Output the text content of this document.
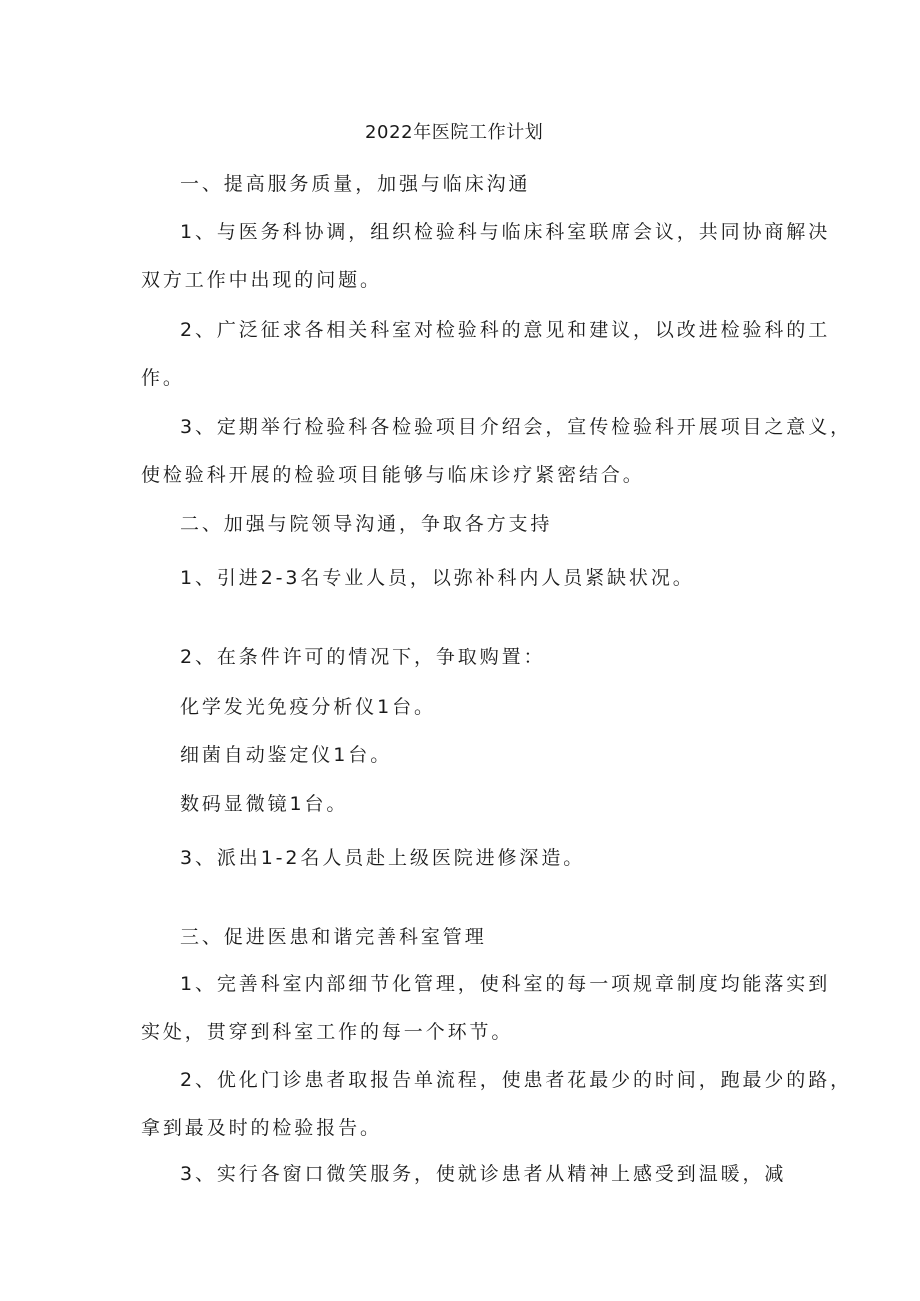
2022年医院工作计划
一、提高服务质量，加强与临床沟通
1、与医务科协调，组织检验科与临床科室联席会议，共同协商解决
双方工作中出现的问题。
2、广泛征求各相关科室对检验科的意见和建议，以改进检验科的工
作。
3、定期举行检验科各检验项目介绍会，宣传检验科开展项目之意义，
使检验科开展的检验项目能够与临床诊疗紧密结合。
二、加强与院领导沟通，争取各方支持
1、引进2-3名专业人员，以弥补科内人员紧缺状况。
2、在条件许可的情况下，争取购置：
化学发光免疫分析仪1台。
细菌自动鉴定仪1台。
数码显微镜1台。
3、派出1-2名人员赴上级医院进修深造。
三、促进医患和谐完善科室管理
1、完善科室内部细节化管理，使科室的每一项规章制度均能落实到
实处，贯穿到科室工作的每一个环节。
2、优化门诊患者取报告单流程，使患者花最少的时间，跑最少的路，
拿到最及时的检验报告。
3、实行各窗口微笑服务，使就诊患者从精神上感受到温暖，减
